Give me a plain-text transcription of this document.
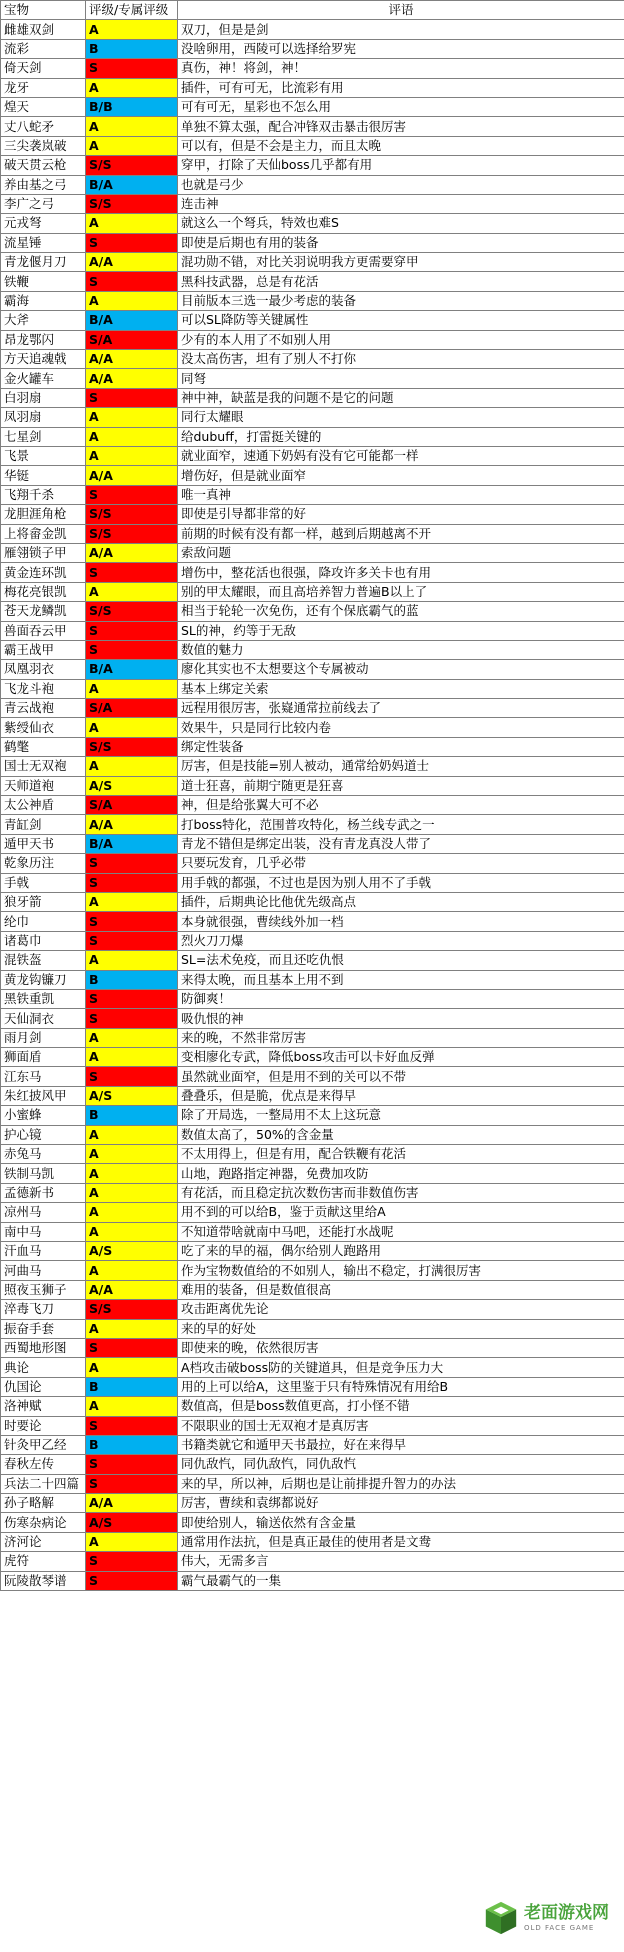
宝物	评级/专属评级	评语
雌雄双剑	A	双刀，但是是剑
流彩	B	没啥卵用，西陵可以选择给罗宪
倚天剑	S	真伤，神！将剑，神！
龙牙	A	插件，可有可无，比流彩有用
煌天	B/B	可有可无，星彩也不怎么用
丈八蛇矛	A	单独不算太强，配合冲锋双击暴击很厉害
三尖袭岚破	A	可以有，但是不会是主力，而且太晚
破天贯云枪	S/S	穿甲，打除了天仙boss几乎都有用
养由基之弓	B/A	也就是弓少
李广之弓	S/S	连击神
元戎弩	A	就这么一个弩兵，特效也难S
流星锤	S	即使是后期也有用的装备
青龙偃月刀	A/A	混功勋不错，对比关羽说明我方更需要穿甲
铁鞭	S	黑科技武器，总是有花活
霸海	A	目前版本三选一最少考虑的装备
大斧	B/A	可以SL降防等关键属性
昂龙鄂闪	S/A	少有的本人用了不如别人用
方天追魂戟	A/A	没太高伤害，坦有了别人不打你
金火罐车	A/A	同弩
白羽扇	S	神中神，缺蓝是我的问题不是它的问题
凤羽扇	A	同行太耀眼
七星剑	A	给dubuff，打雷挺关键的
飞景	A	就业面窄，速通下奶妈有没有它可能都一样
华铤	A/A	增伤好，但是就业面窄
飞翔千杀	S	唯一真神
龙胆涯角枪	S/S	即使是引导都非常的好
上将畲金凯	S/S	前期的时候有没有都一样，越到后期越离不开
雁翎锁子甲	A/A	索敌问题
黄金连环凯	S	增伤中，整花活也很强，降攻许多关卡也有用
梅花亮银凯	A	别的甲太耀眼，而且高培养智力普遍B以上了
苍天龙鳞凯	S/S	相当于轮轮一次免伤，还有个保底霸气的蓝
兽面吞云甲	S	SL的神，约等于无敌
霸王战甲	S	数值的魅力
凤凰羽衣	B/A	廖化其实也不太想要这个专属被动
飞龙斗袍	A	基本上绑定关索
青云战袍	S/A	远程用很厉害，张嶷通常拉前线去了
紫绶仙衣	A	效果牛，只是同行比较内卷
鹤氅	S/S	绑定性装备
国士无双袍	A	厉害，但是技能=别人被动，通常给奶妈道士
天师道袍	A/S	道士狂喜，前期宁随更是狂喜
太公神盾	S/A	神，但是给张翼大可不必
青缸剑	A/A	打boss特化，范围普攻特化，杨兰线专武之一
遁甲天书	B/A	青龙不错但是绑定出装，没有青龙真没人带了
乾象历注	S	只要玩发育，几乎必带
手戟	S	用手戟的都强，不过也是因为别人用不了手戟
狼牙箭	A	插件，后期典论比他优先级高点
纶巾	S	本身就很强，曹续线外加一档
诸葛巾	S	烈火刀刀爆
混铁盔	A	SL=法术免疫，而且还吃仇恨
黄龙钩镰刀	B	来得太晚，而且基本上用不到
黑铁重凯	S	防御爽！
天仙洞衣	S	吸仇恨的神
雨月剑	A	来的晚，不然非常厉害
狮面盾	A	变相廖化专武，降低boss攻击可以卡好血反弹
江东马	S	虽然就业面窄，但是用不到的关可以不带
朱红披风甲	A/S	叠叠乐，但是脆，优点是来得早
小蜜蜂	B	除了开局选，一整局用不太上这玩意
护心镜	A	数值太高了，50%的含金量
赤兔马	A	不太用得上，但是有用，配合铁鞭有花活
铁制马凯	A	山地，跑路指定神器，免费加攻防
孟德新书	A	有花活，而且稳定抗次数伤害而非数值伤害
凉州马	A	用不到的可以给B，鉴于贡献这里给A
南中马	A	不知道带啥就南中马吧，还能打水战呢
汗血马	A/S	吃了来的早的福，偶尔给别人跑路用
河曲马	A	作为宝物数值给的不如别人，输出不稳定，打满很厉害
照夜玉狮子	A/A	难用的装备，但是数值很高
淬毒飞刀	S/S	攻击距离优先论
振奋手套	A	来的早的好处
西蜀地形图	S	即使来的晚，依然很厉害
典论	A	A档攻击破boss防的关键道具，但是竞争压力大
仇国论	B	用的上可以给A，这里鉴于只有特殊情况有用给B
洛神赋	A	数值高，但是boss数值更高，打小怪不错
时要论	S	不限职业的国士无双袍才是真厉害
针灸甲乙经	B	书籍类就它和遁甲天书最拉，好在来得早
春秋左传	S	同仇敌忾，同仇敌忾，同仇敌忾
兵法二十四篇	S	来的早，所以神，后期也是让前排提升智力的办法
孙子略解	A/A	厉害，曹续和袁绑都说好
伤寒杂病论	A/S	即使给别人，输送依然有含金量
济河论	A	通常用作法抗，但是真正最佳的使用者是文鸯
虎符	S	伟大，无需多言
阮陵散琴谱	S	霸气最霸气的一集
老面游戏网
OLD FACE GAME
